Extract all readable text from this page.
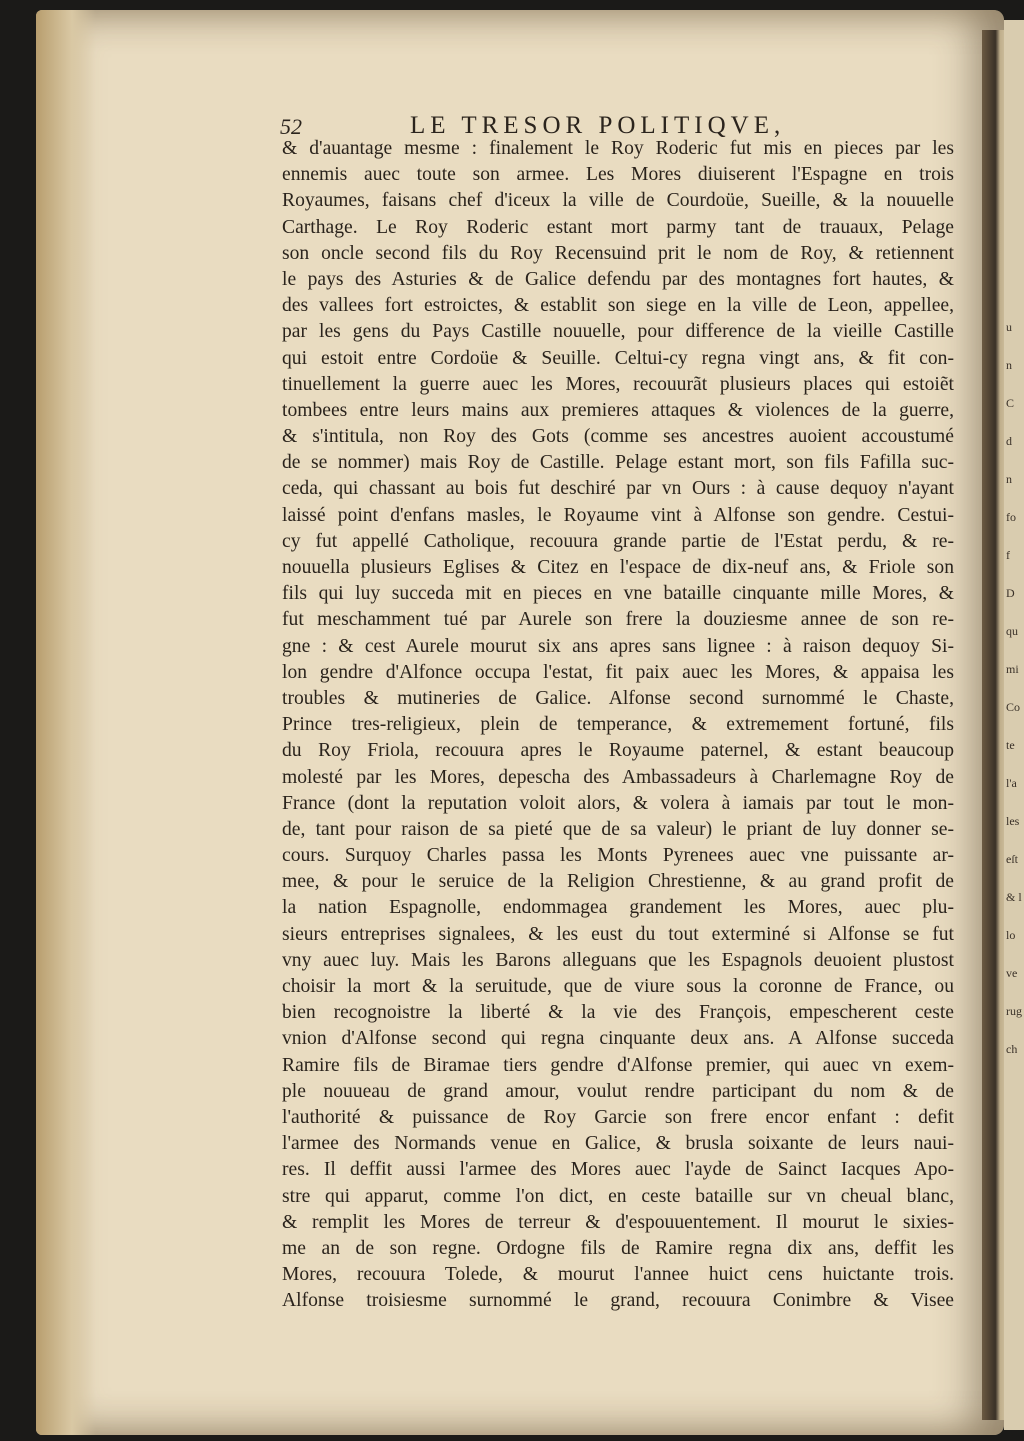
u
n
C
d
n
fo
f
D
qu
mi
Co
te
l'a
les
eſt
& l
lo
ve
rug
ch
52	LE TRESOR POLITIQVE,
& d'auantage mesme : finalement le Roy Roderic fut mis en pieces par les
ennemis auec toute son armee. Les Mores diuiserent l'Espagne en trois
Royaumes, faisans chef d'iceux la ville de Courdoüe, Sueille, & la nouuelle
Carthage. Le Roy Roderic estant mort parmy tant de trauaux, Pelage
son oncle second fils du Roy Recensuind prit le nom de Roy, & retiennent
le pays des Asturies & de Galice defendu par des montagnes fort hautes, &
des vallees fort estroictes, & establit son siege en la ville de Leon, appellee,
par les gens du Pays Castille nouuelle, pour difference de la vieille Castille
qui estoit entre Cordoüe & Seuille. Celtui-cy regna vingt ans, & fit con-
tinuellement la guerre auec les Mores, recouurãt plusieurs places qui estoiẽt
tombees entre leurs mains aux premieres attaques & violences de la guerre,
& s'intitula, non Roy des Gots (comme ses ancestres auoient accoustumé
de se nommer) mais Roy de Castille. Pelage estant mort, son fils Fafilla suc-
ceda, qui chassant au bois fut deschiré par vn Ours : à cause dequoy n'ayant
laissé point d'enfans masles, le Royaume vint à Alfonse son gendre. Cestui-
cy fut appellé Catholique, recouura grande partie de l'Estat perdu, & re-
nouuella plusieurs Eglises & Citez en l'espace de dix-neuf ans, & Friole son
fils qui luy succeda mit en pieces en vne bataille cinquante mille Mores, &
fut meschamment tué par Aurele son frere la douziesme annee de son re-
gne : & cest Aurele mourut six ans apres sans lignee : à raison dequoy Si-
lon gendre d'Alfonce occupa l'estat, fit paix auec les Mores, & appaisa les
troubles & mutineries de Galice. Alfonse second surnommé le Chaste,
Prince tres-religieux, plein de temperance, & extremement fortuné, fils
du Roy Friola, recouura apres le Royaume paternel, & estant beaucoup
molesté par les Mores, depescha des Ambassadeurs à Charlemagne Roy de
France (dont la reputation voloit alors, & volera à iamais par tout le mon-
de, tant pour raison de sa pieté que de sa valeur) le priant de luy donner se-
cours. Surquoy Charles passa les Monts Pyrenees auec vne puissante ar-
mee, & pour le seruice de la Religion Chrestienne, & au grand profit de
la nation Espagnolle, endommagea grandement les Mores, auec plu-
sieurs entreprises signalees, & les eust du tout exterminé si Alfonse se fut
vny auec luy. Mais les Barons alleguans que les Espagnols deuoient plustost
choisir la mort & la seruitude, que de viure sous la coronne de France, ou
bien recognoistre la liberté & la vie des François, empescherent ceste
vnion d'Alfonse second qui regna cinquante deux ans. A Alfonse succeda
Ramire fils de Biramae tiers gendre d'Alfonse premier, qui auec vn exem-
ple nouueau de grand amour, voulut rendre participant du nom & de
l'authorité & puissance de Roy Garcie son frere encor enfant : defit
l'armee des Normands venue en Galice, & brusla soixante de leurs naui-
res. Il deffit aussi l'armee des Mores auec l'ayde de Sainct Iacques Apo-
stre qui apparut, comme l'on dict, en ceste bataille sur vn cheual blanc,
& remplit les Mores de terreur & d'espouuentement. Il mourut le sixies-
me an de son regne. Ordogne fils de Ramire regna dix ans, deffit les
Mores, recouura Tolede, & mourut l'annee huict cens huictante trois.
Alfonse troisiesme surnommé le grand, recouura Conimbre & Visee
